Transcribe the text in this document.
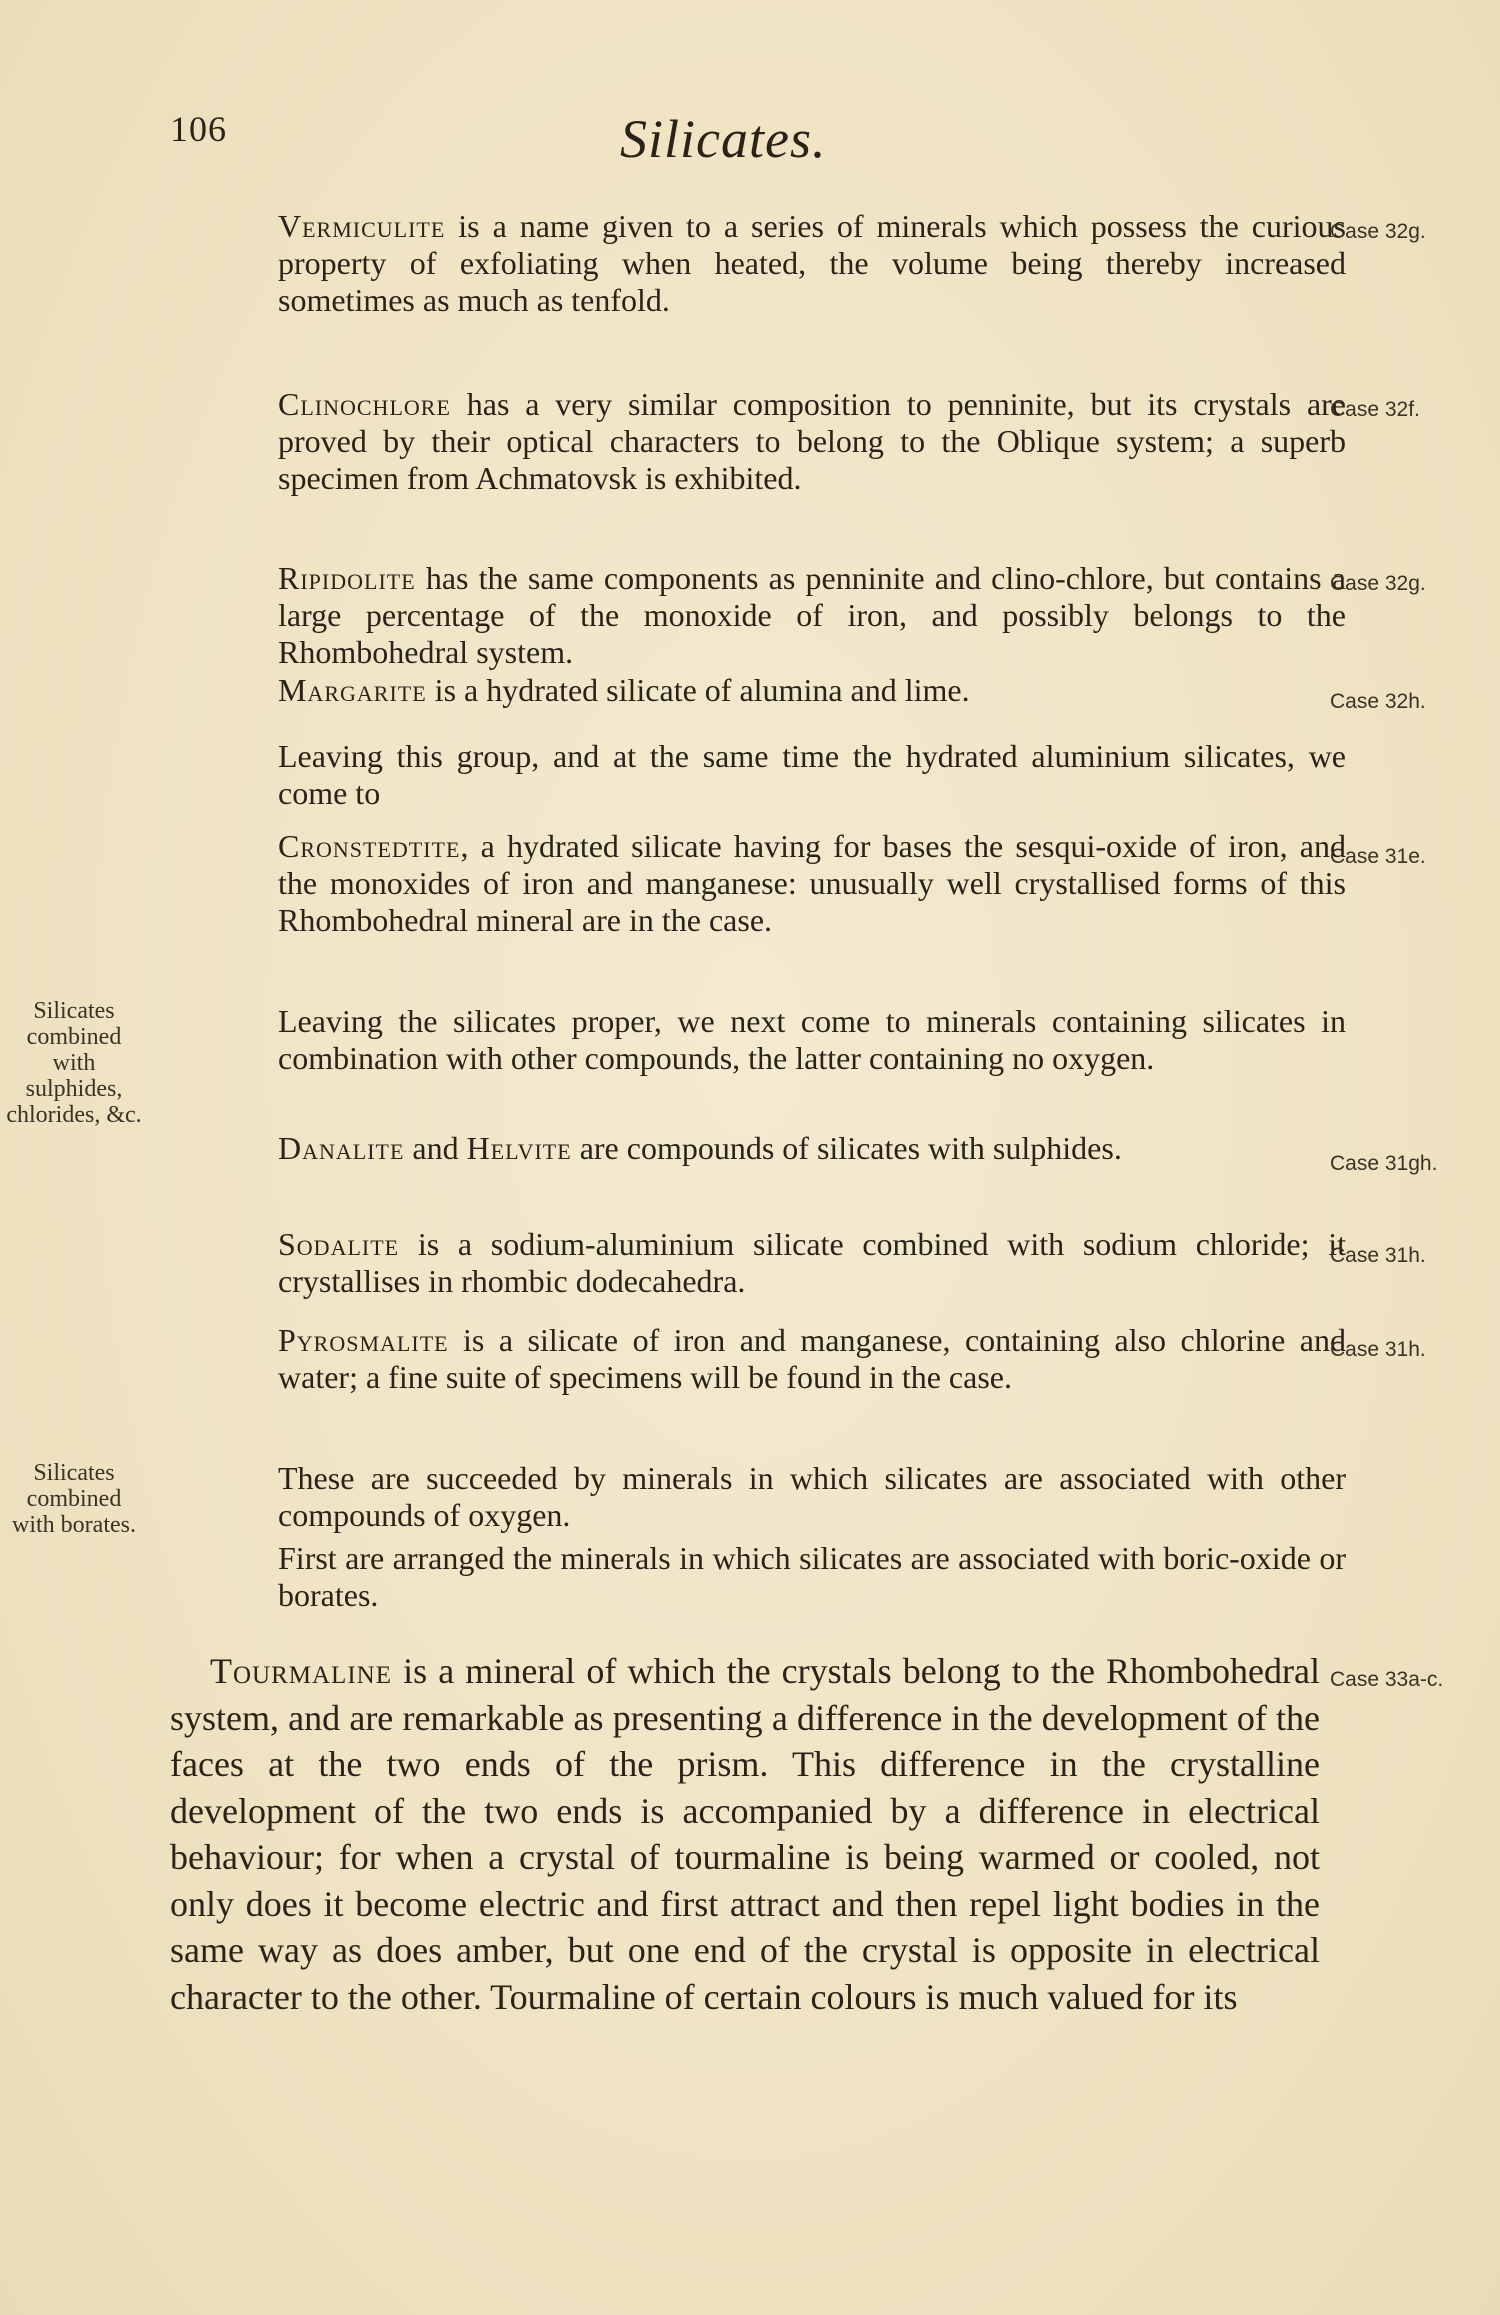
106	Silicates.

Vermiculite is a name given to a series of minerals which possess the curious property of exfoliating when heated, the volume being thereby increased sometimes as much as tenfold.

Case 32g.

Clinochlore has a very similar composition to penninite, but its crystals are proved by their optical characters to belong to the Oblique system; a superb specimen from Achmatovsk is exhibited.

Case 32f.

Ripidolite has the same components as penninite and clino-chlore, but contains a large percentage of the monoxide of iron, and possibly belongs to the Rhombohedral system.

Case 32g.

Margarite is a hydrated silicate of alumina and lime.	Case 32h.

Leaving this group, and at the same time the hydrated aluminium silicates, we come to

Cronstedtite, a hydrated silicate having for bases the sesqui-oxide of iron, and the monoxides of iron and manganese: unusually well crystallised forms of this Rhombohedral mineral are in the case.

Case 31e.

Leaving the silicates proper, we next come to minerals containing silicates in combination with other compounds, the latter containing no oxygen.

Danalite and Helvite are compounds of silicates with sulphides.	Case 31gh.

Sodalite is a sodium-aluminium silicate combined with sodium chloride; it crystallises in rhombic dodecahedra.

Case 31h.

Pyrosmalite is a silicate of iron and manganese, containing also chlorine and water; a fine suite of specimens will be found in the case.

Case 31h.

These are succeeded by minerals in which silicates are associated with other compounds of oxygen.

First are arranged the minerals in which silicates are associated with boric-oxide or borates.

Tourmaline is a mineral of which the crystals belong to the Rhombohedral system, and are remarkable as presenting a difference in the development of the faces at the two ends of the prism. This difference in the crystalline development of the two ends is accompanied by a difference in electrical behaviour; for when a crystal of tourmaline is being warmed or cooled, not only does it become electric and first attract and then repel light bodies in the same way as does amber, but one end of the crystal is opposite in electrical character to the other. Tourmaline of certain colours is much valued for its

Case 33a-c.
Silicates combined with sulphides, chlorides, &c.
Silicates combined with borates.
